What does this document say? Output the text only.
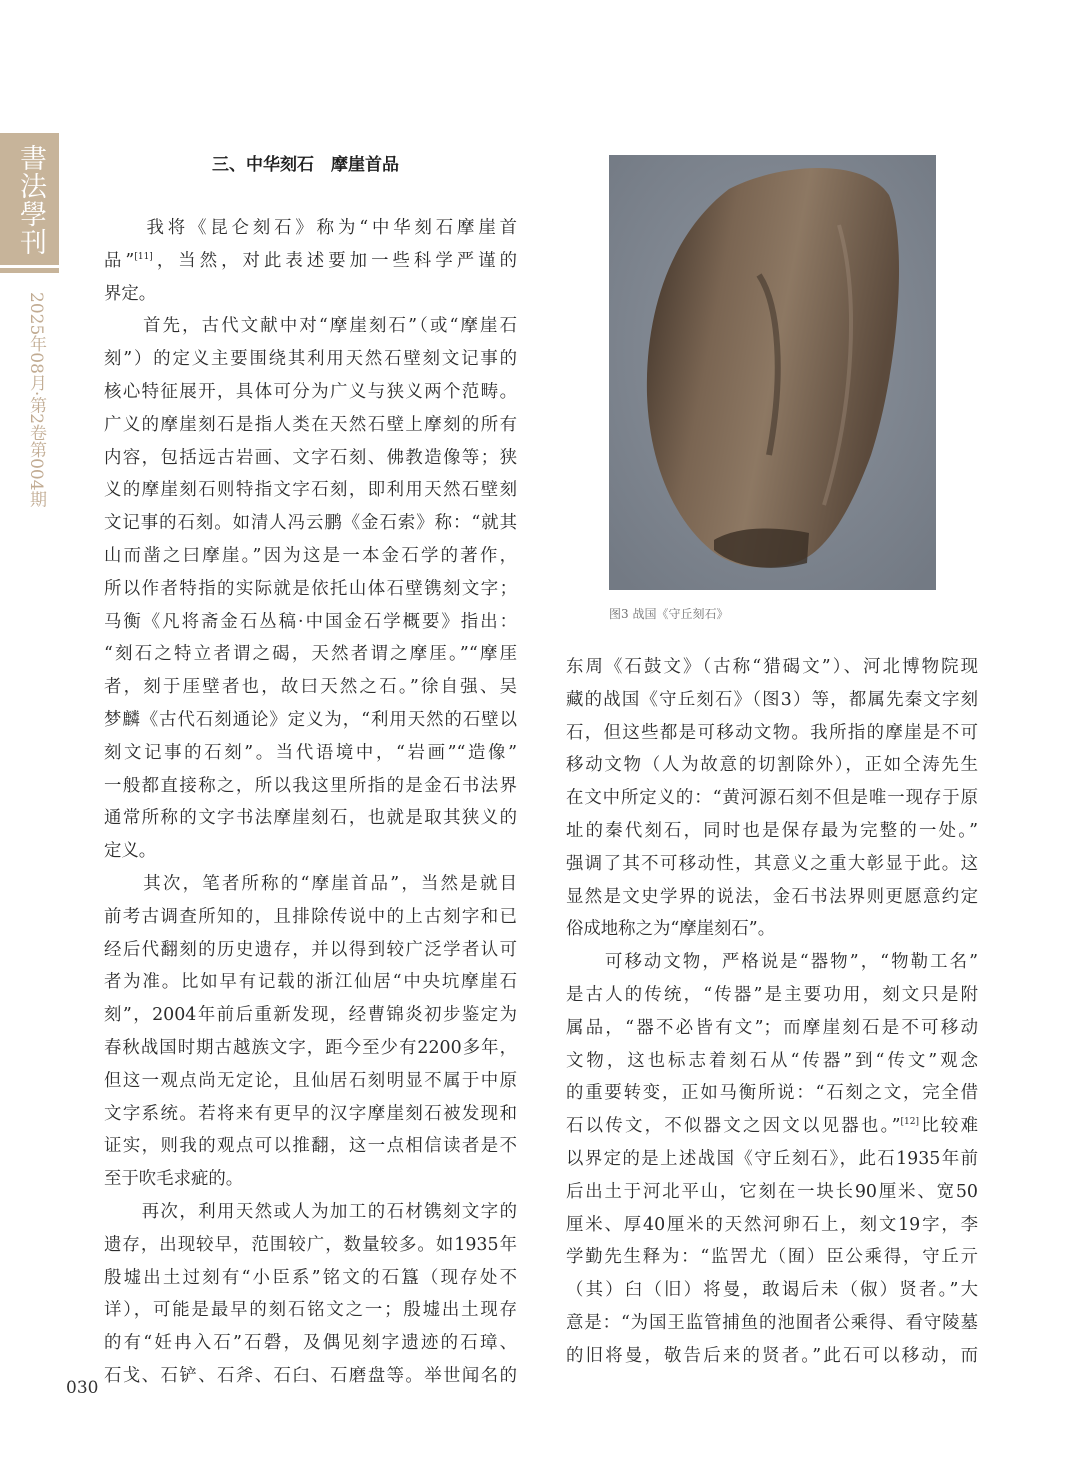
書法學刊
2025年08月·第2卷第004期
三、中华刻石　摩崖首品

　　我将《昆仑刻石》称为“中华刻石摩崖首

品”[11]，当然，对此表述要加一些科学严谨的

界定。

　　首先，古代文献中对“摩崖刻石”（或“摩崖石

刻”）的定义主要围绕其利用天然石壁刻文记事的

核心特征展开，具体可分为广义与狭义两个范畴。

广义的摩崖刻石是指人类在天然石壁上摩刻的所有

内容，包括远古岩画、文字石刻、佛教造像等；狭

义的摩崖刻石则特指文字石刻，即利用天然石壁刻

文记事的石刻。如清人冯云鹏《金石索》称：“就其

山而凿之曰摩崖。”因为这是一本金石学的著作，

所以作者特指的实际就是依托山体石壁镌刻文字；

马衡《凡将斋金石丛稿·中国金石学概要》指出：

“刻石之特立者谓之碣，天然者谓之摩厓。”“摩厓

者，刻于厓壁者也，故曰天然之石。”徐自强、吴

梦麟《古代石刻通论》定义为，“利用天然的石壁以

刻文记事的石刻”。当代语境中，“岩画”“造像”

一般都直接称之，所以我这里所指的是金石书法界

通常所称的文字书法摩崖刻石，也就是取其狭义的

定义。

　　其次，笔者所称的“摩崖首品”，当然是就目

前考古调查所知的，且排除传说中的上古刻字和已

经后代翻刻的历史遗存，并以得到较广泛学者认可

者为准。比如早有记载的浙江仙居“中央坑摩崖石

刻”，2004年前后重新发现，经曹锦炎初步鉴定为

春秋战国时期古越族文字，距今至少有2200多年，

但这一观点尚无定论，且仙居石刻明显不属于中原

文字系统。若将来有更早的汉字摩崖刻石被发现和

证实，则我的观点可以推翻，这一点相信读者是不

至于吹毛求疵的。

　　再次，利用天然或人为加工的石材镌刻文字的

遗存，出现较早，范围较广，数量较多。如1935年

殷墟出土过刻有“小臣系”铭文的石簋（现存处不

详），可能是最早的刻石铭文之一；殷墟出土现存

的有“妊冉入石”石磬，及偶见刻字遗迹的石璋、

石戈、石铲、石斧、石臼、石磨盘等。举世闻名的

图3 战国《守丘刻石》

东周《石鼓文》（古称“猎碣文”）、河北博物院现

藏的战国《守丘刻石》（图3）等，都属先秦文字刻

石，但这些都是可移动文物。我所指的摩崖是不可

移动文物（人为故意的切割除外），正如仝涛先生

在文中所定义的：“黄河源石刻不但是唯一现存于原

址的秦代刻石，同时也是保存最为完整的一处。”

强调了其不可移动性，其意义之重大彰显于此。这

显然是文史学界的说法，金石书法界则更愿意约定

俗成地称之为“摩崖刻石”。

　　可移动文物，严格说是“器物”，“物勒工名”

是古人的传统，“传器”是主要功用，刻文只是附

属品，“器不必皆有文”；而摩崖刻石是不可移动

文物，这也标志着刻石从“传器”到“传文”观念

的重要转变，正如马衡所说：“石刻之文，完全借

石以传文，不似器文之因文以见器也。”[12]比较难

以界定的是上述战国《守丘刻石》，此石1935年前

后出土于河北平山，它刻在一块长90厘米、宽50

厘米、厚40厘米的天然河卵石上，刻文19字，李

学勤先生释为：“监罟尤（囿）臣公乘得，守丘亓

（其）臼（旧）将曼，敢谒后未（俶）贤者。”大

意是：“为国王监管捕鱼的池囿者公乘得、看守陵墓

的旧将曼，敬告后来的贤者。”此石可以移动，而

030
